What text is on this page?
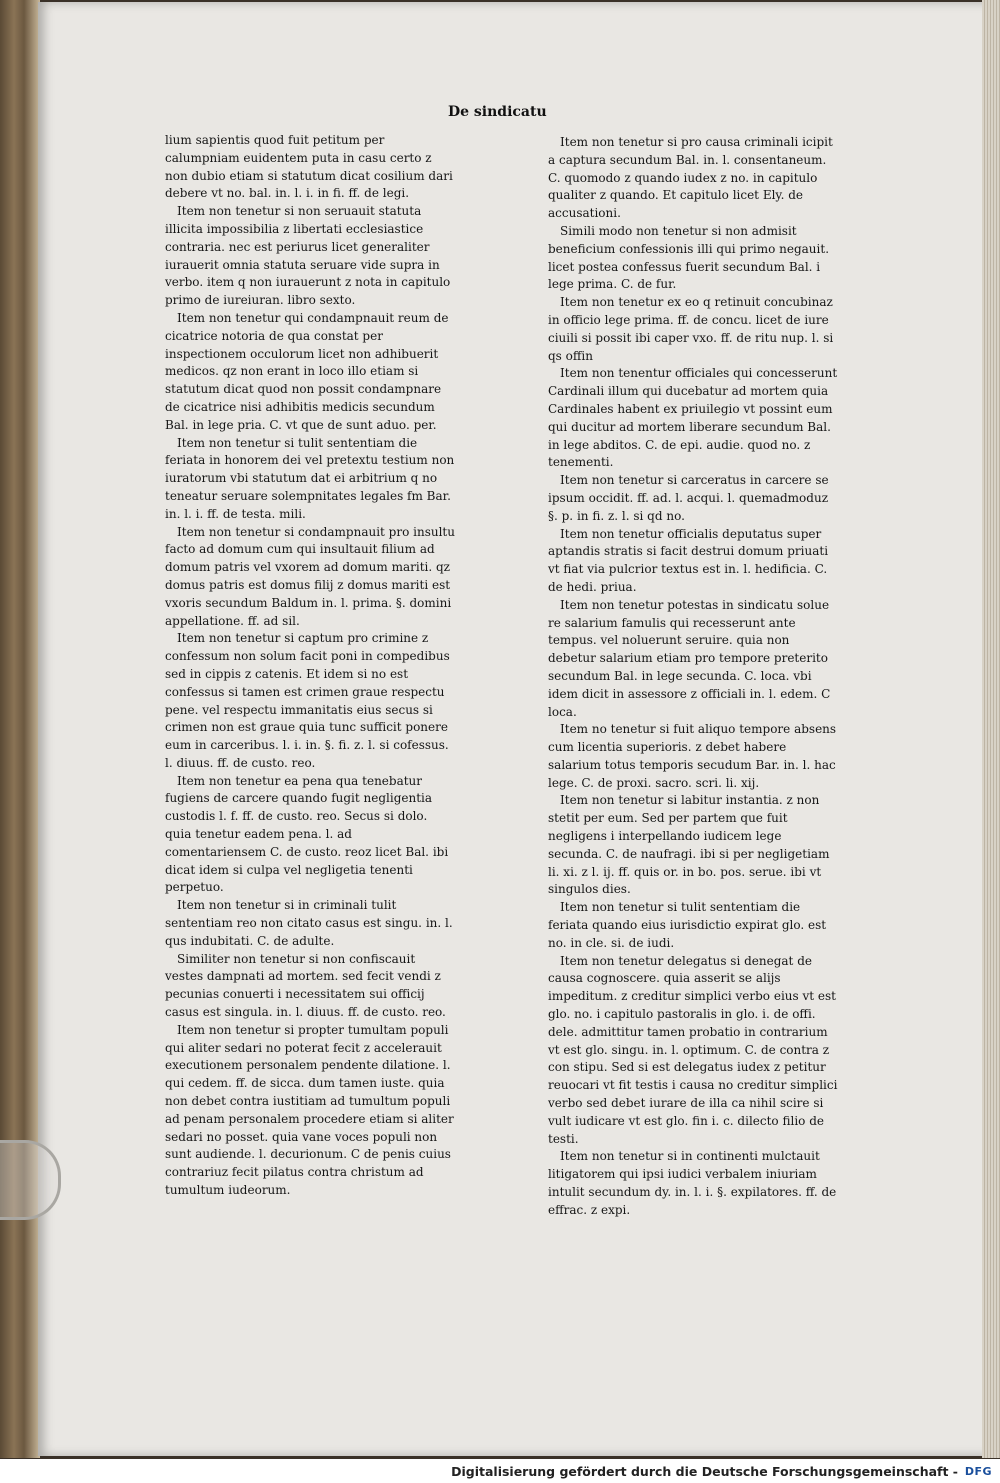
De sindicatu

lium sapientis quod fuit petitum per calumpniam euidentem puta in casu certo z non dubio etiam si statutum dicat cosilium dari debere vt no. bal. in. l. i. in fi. ff. de legi.

Item non tenetur si non seruauit statuta illicita impossibilia z libertati ecclesiastice contraria. nec est periurus licet generaliter iurauerit omnia statuta seruare vide supra in verbo. item q non iurauerunt z nota in capitulo primo de iureiuran. libro sexto.

Item non tenetur qui condampnauit reum de cicatrice notoria de qua constat per inspectionem occulorum licet non adhibuerit medicos. qz non erant in loco illo etiam si statutum dicat quod non possit condampnare de cicatrice nisi adhibitis medicis secundum Bal. in lege pria. C. vt que de sunt aduo. per.

Item non tenetur si tulit sententiam die feriata in honorem dei vel pretextu testium non iuratorum vbi statutum dat ei arbitrium q no teneatur seruare solempnitates legales fm Bar. in. l. i. ff. de testa. mili.

Item non tenetur si condampnauit pro insultu facto ad domum cum qui insultauit filium ad domum patris vel vxorem ad domum mariti. qz domus patris est domus filij z domus mariti est vxoris secundum Baldum in. l. prima. §. domini appellatione. ff. ad sil.

Item non tenetur si captum pro crimine z confessum non solum facit poni in compedibus sed in cippis z catenis. Et idem si no est confessus si tamen est crimen graue respectu pene. vel respectu immanitatis eius secus si crimen non est graue quia tunc sufficit ponere eum in carceribus. l. i. in. §. fi. z. l. si cofessus. l. diuus. ff. de custo. reo.

Item non tenetur ea pena qua tenebatur fugiens de carcere quando fugit negligentia custodis l. f. ff. de custo. reo. Secus si dolo. quia tenetur eadem pena. l. ad comentariensem C. de custo. reoz licet Bal. ibi dicat idem si culpa vel negligetia tenenti perpetuo.

Item non tenetur si in criminali tulit sententiam reo non citato casus est singu. in. l. qus indubitati. C. de adulte.

Similiter non tenetur si non confiscauit vestes dampnati ad mortem. sed fecit vendi z pecunias conuerti i necessitatem sui officij casus est singula. in. l. diuus. ff. de custo. reo.

Item non tenetur si propter tumultam populi qui aliter sedari no poterat fecit z accelerauit executionem personalem pendente dilatione. l. qui cedem. ff. de sicca. dum tamen iuste. quia non debet contra iustitiam ad tumultum populi ad penam personalem procedere etiam si aliter sedari no posset. quia vane voces populi non sunt audiende. l. decurionum. C de penis cuius contrariuz fecit pilatus contra christum ad tumultum iudeorum.

Item non tenetur si pro causa criminali icipit a captura secundum Bal. in. l. consentaneum. C. quomodo z quando iudex z no. in capitulo qualiter z quando. Et capitulo licet Ely. de accusationi.

Simili modo non tenetur si non admisit beneficium confessionis illi qui primo negauit. licet postea confessus fuerit secundum Bal. i lege prima. C. de fur.

Item non tenetur ex eo q retinuit concubinaz in officio lege prima. ff. de concu. licet de iure ciuili si possit ibi caper vxo. ff. de ritu nup. l. si qs offin

Item non tenentur officiales qui concesserunt Cardinali illum qui ducebatur ad mortem quia Cardinales habent ex priuilegio vt possint eum qui ducitur ad mortem liberare secundum Bal. in lege abditos. C. de epi. audie. quod no. z tenementi.

Item non tenetur si carceratus in carcere se ipsum occidit. ff. ad. l. acqui. l. quemadmoduz §. p. in fi. z. l. si qd no.

Item non tenetur officialis deputatus super aptandis stratis si facit destrui domum priuati vt fiat via pulcrior textus est in. l. hedificia. C. de hedi. priua.

Item non tenetur potestas in sindicatu solue re salarium famulis qui recesserunt ante tempus. vel noluerunt seruire. quia non debetur salarium etiam pro tempore preterito secundum Bal. in lege secunda. C. loca. vbi idem dicit in assessore z officiali in. l. edem. C loca.

Item no tenetur si fuit aliquo tempore absens cum licentia superioris. z debet habere salarium totus temporis secudum Bar. in. l. hac lege. C. de proxi. sacro. scri. li. xij.

Item non tenetur si labitur instantia. z non stetit per eum. Sed per partem que fuit negligens i interpellando iudicem lege secunda. C. de naufragi. ibi si per negligetiam li. xi. z l. ij. ff. quis or. in bo. pos. serue. ibi vt singulos dies.

Item non tenetur si tulit sententiam die feriata quando eius iurisdictio expirat glo. est no. in cle. si. de iudi.

Item non tenetur delegatus si denegat de causa cognoscere. quia asserit se alijs impeditum. z creditur simplici verbo eius vt est glo. no. i capitulo pastoralis in glo. i. de offi. dele. admittitur tamen probatio in contrarium vt est glo. singu. in. l. optimum. C. de contra z con stipu. Sed si est delegatus iudex z petitur reuocari vt fit testis i causa no creditur simplici verbo sed debet iurare de illa ca nihil scire si vult iudicare vt est glo. fin i. c. dilecto filio de testi.

Item non tenetur si in continenti mulctauit litigatorem qui ipsi iudici verbalem iniuriam intulit secundum dy. in. l. i. §. expilatores. ff. de effrac. z expi.

Digitalisierung gefördert durch die Deutsche Forschungsgemeinschaft - DFG
